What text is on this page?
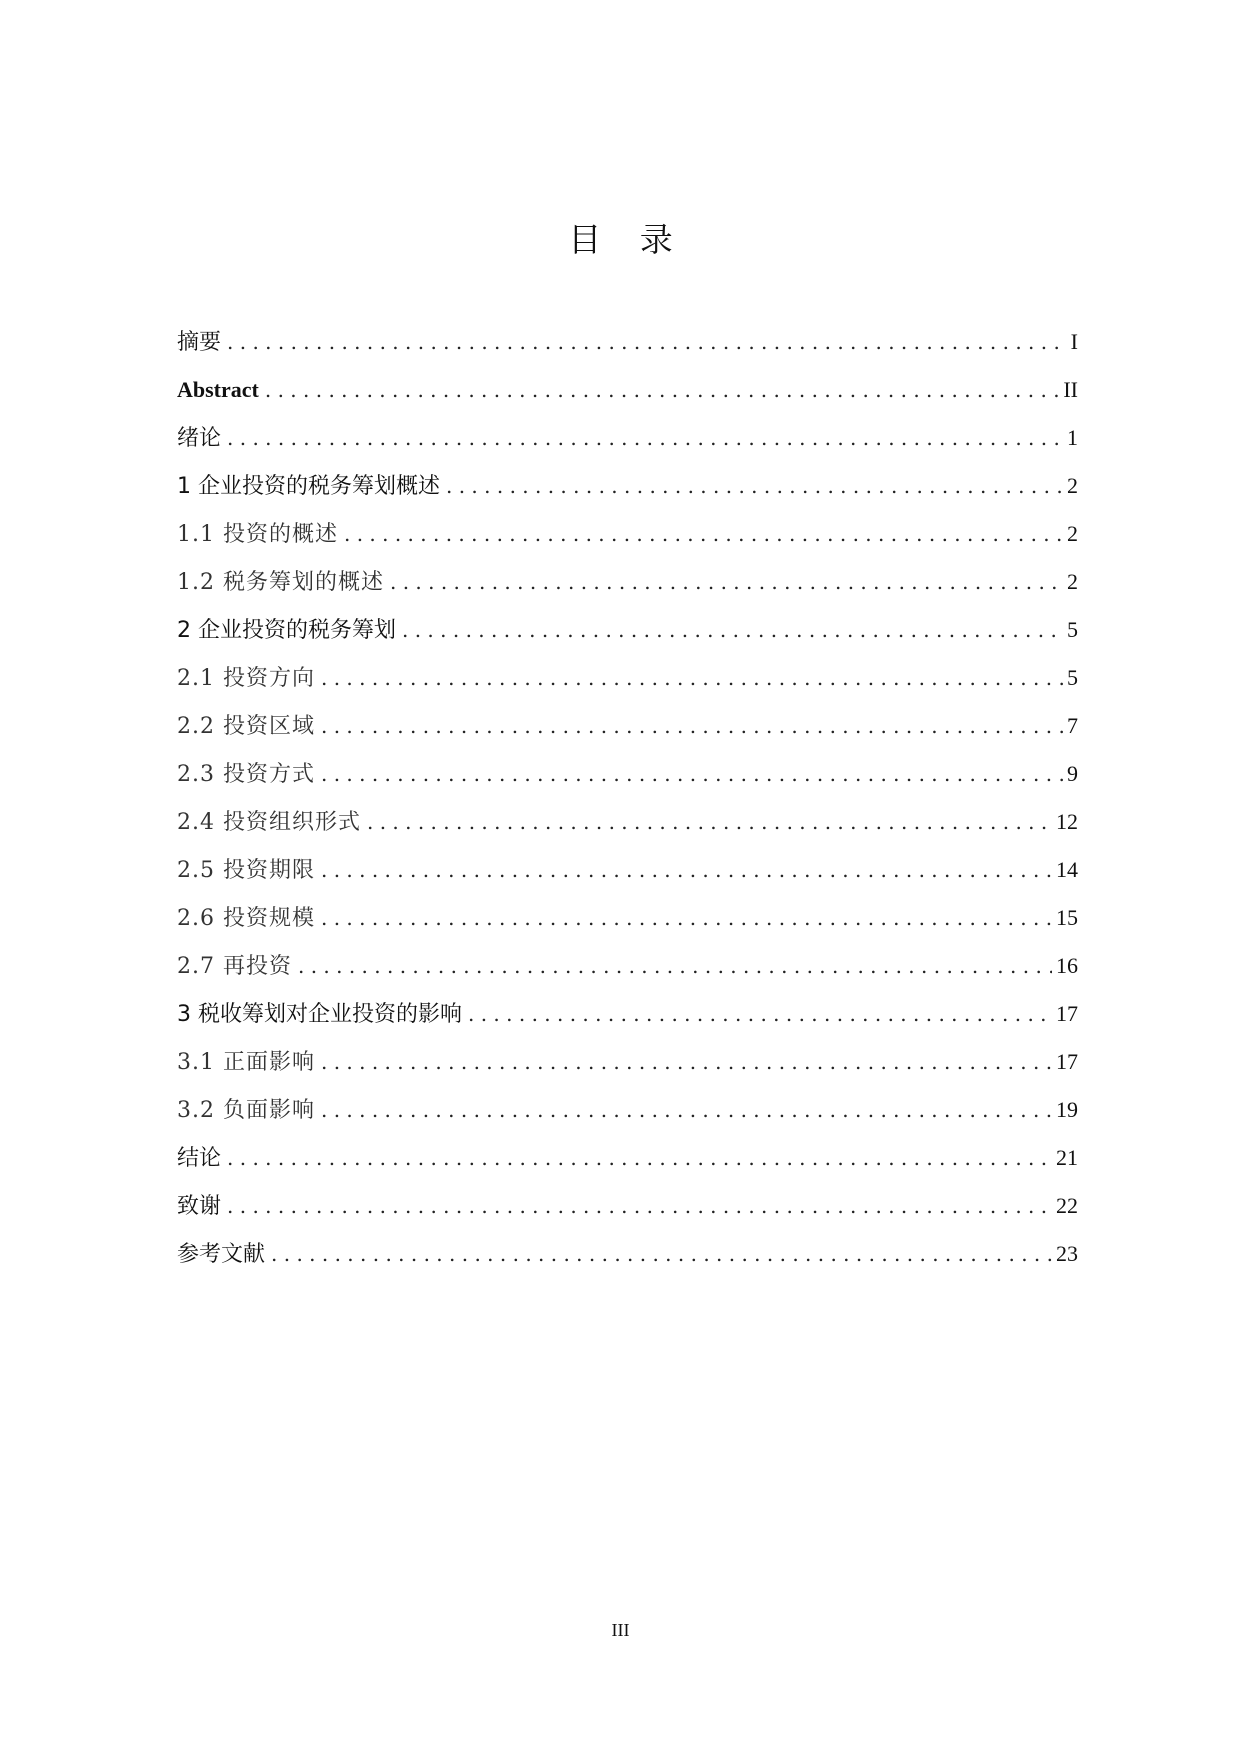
目 录
摘要 . . .	I
Abstract . . .	II
绪论 . . .	1
1 企业投资的税务筹划概述 . . .	2
1.1 投资的概述 . . .	2
1.2 税务筹划的概述 . . .	2
2 企业投资的税务筹划 . . .	5
2.1 投资方向 . . .	5
2.2 投资区域 . . .	7
2.3 投资方式 . . .	9
2.4 投资组织形式 . . .	12
2.5 投资期限 . . .	14
2.6 投资规模 . . .	15
2.7 再投资 . . .	16
3 税收筹划对企业投资的影响 . . .	17
3.1 正面影响 . . .	17
3.2 负面影响 . . .	19
结论 . . .	21
致谢 . . .	22
参考文献 . . .	23
III
